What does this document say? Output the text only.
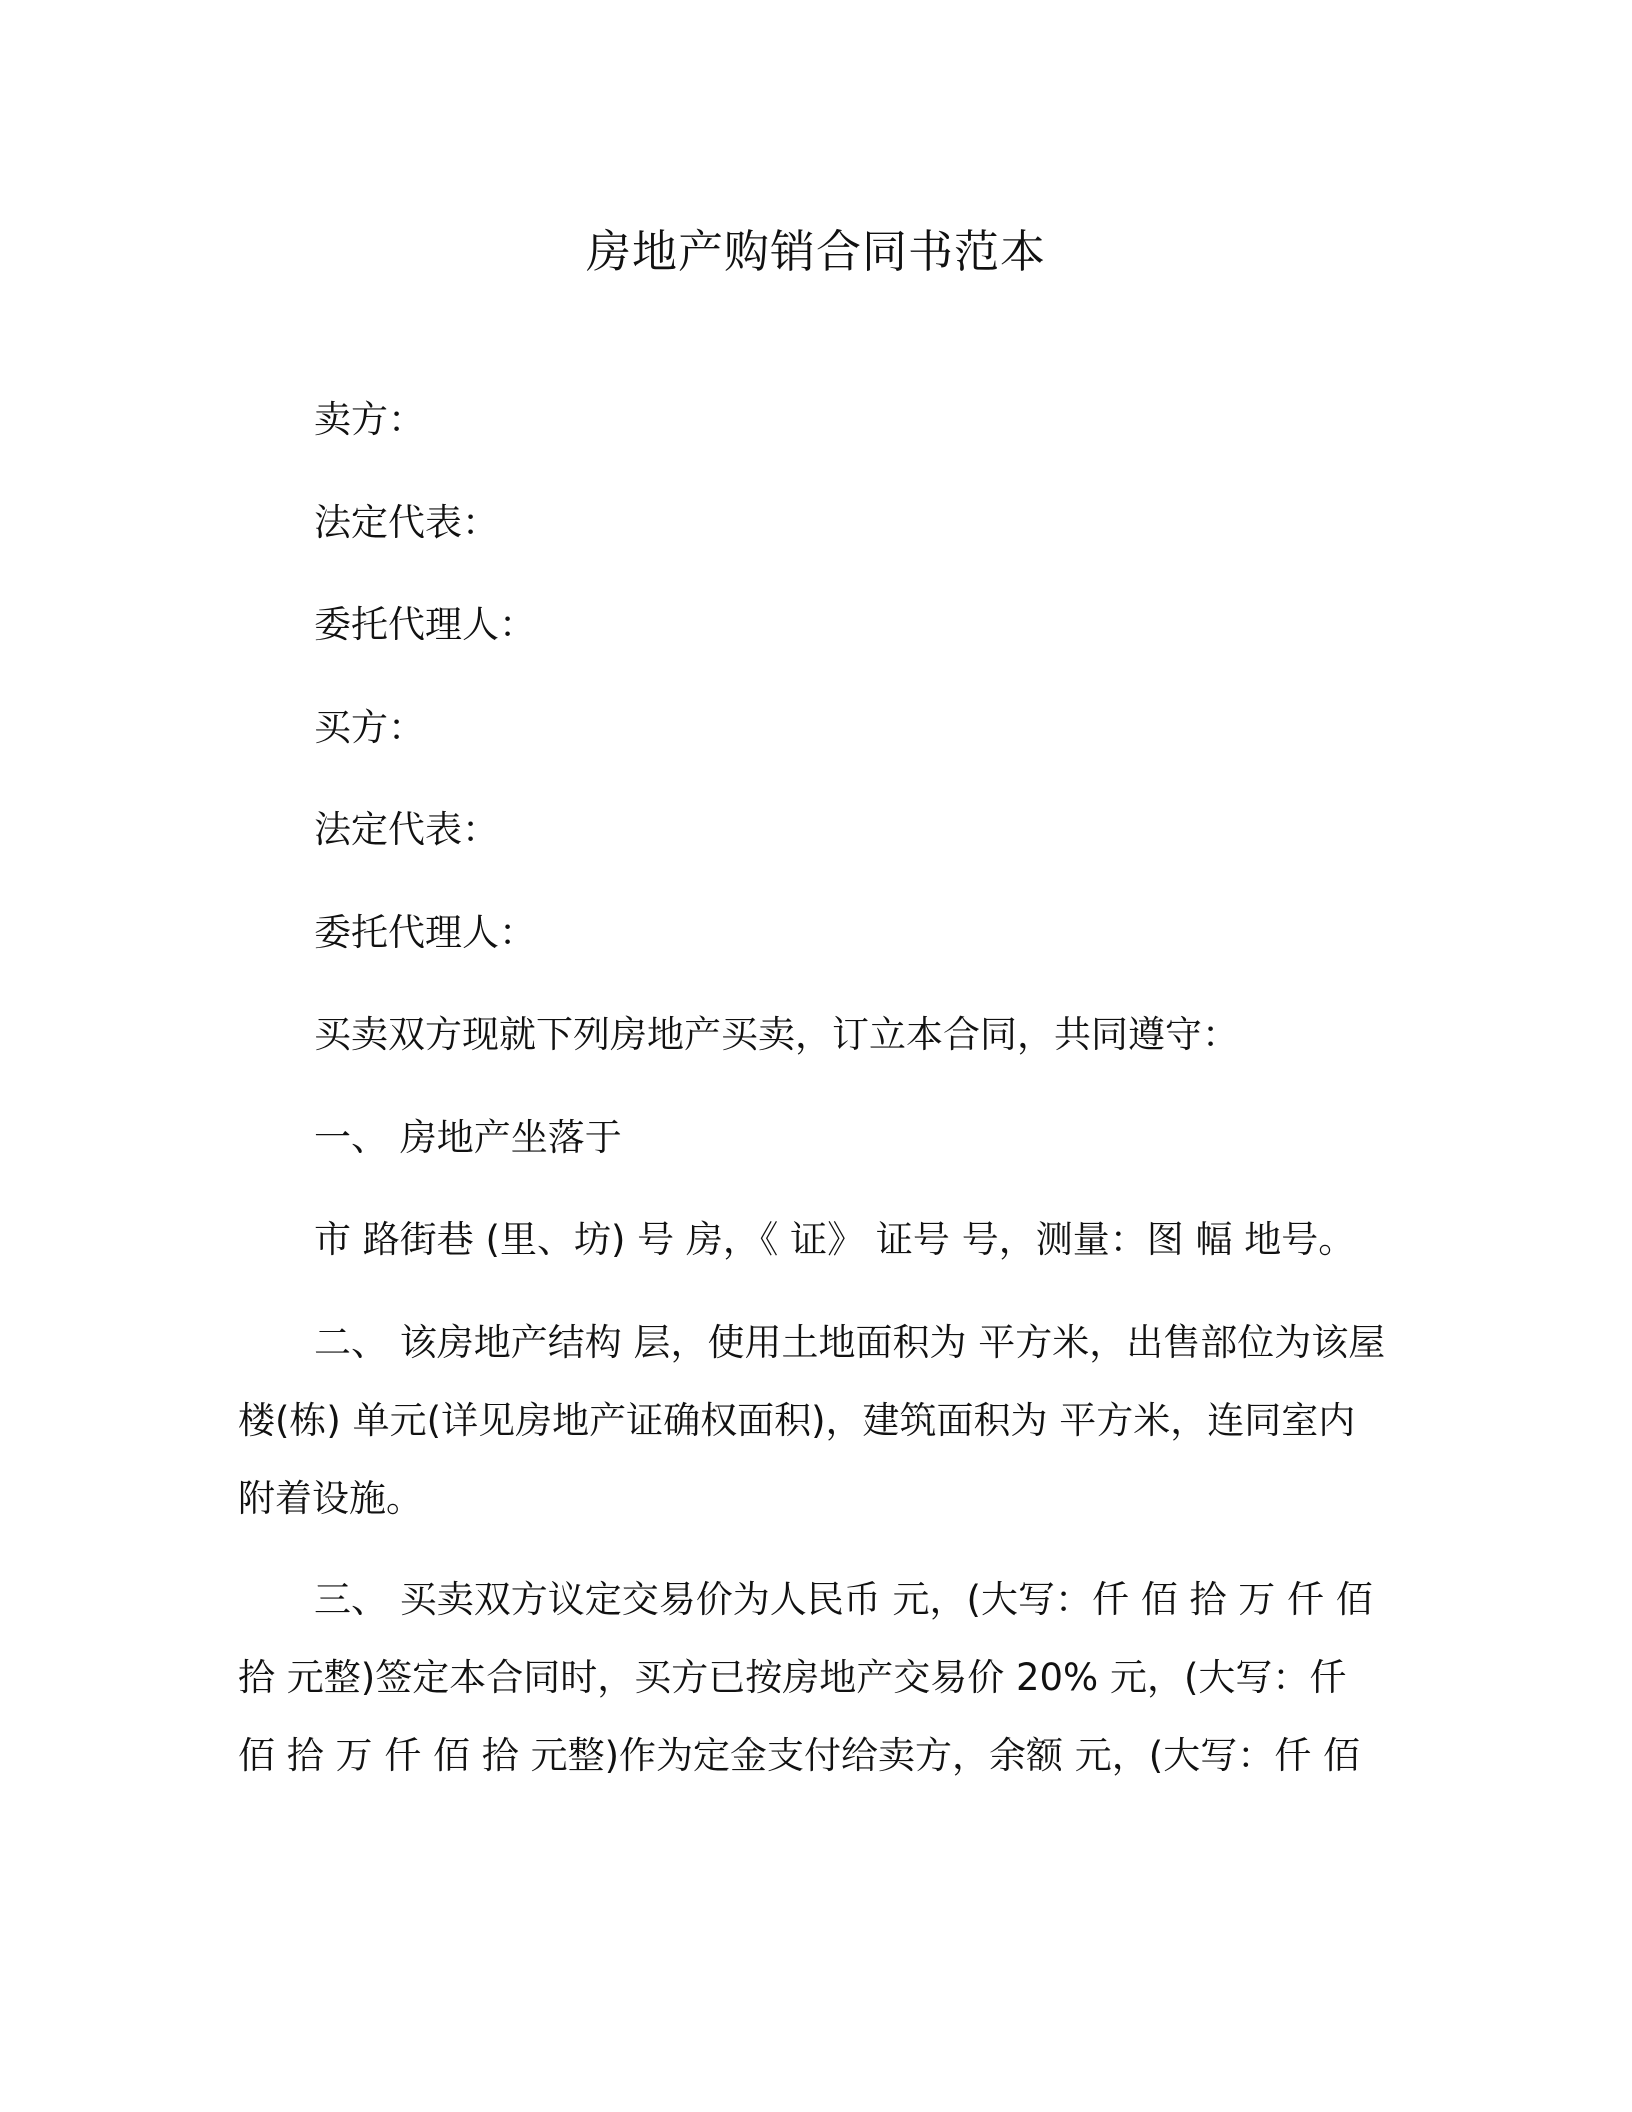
房地产购销合同书范本
卖方：
法定代表：
委托代理人：
买方：
法定代表：
委托代理人：
买卖双方现就下列房地产买卖，订立本合同，共同遵守：
一、 房地产坐落于
市 路街巷 (里、坊) 号 房，《 证》 证号 号，测量：图 幅 地号。
二、 该房地产结构 层，使用土地面积为 平方米，出售部位为该屋
楼(栋) 单元(详见房地产证确权面积)，建筑面积为 平方米，连同室内
附着设施。
三、 买卖双方议定交易价为人民币 元，(大写：仟 佰 拾 万 仟 佰
拾 元整)签定本合同时，买方已按房地产交易价 20% 元，(大写：仟
佰 拾 万 仟 佰 拾 元整)作为定金支付给卖方，余额 元，(大写：仟 佰
